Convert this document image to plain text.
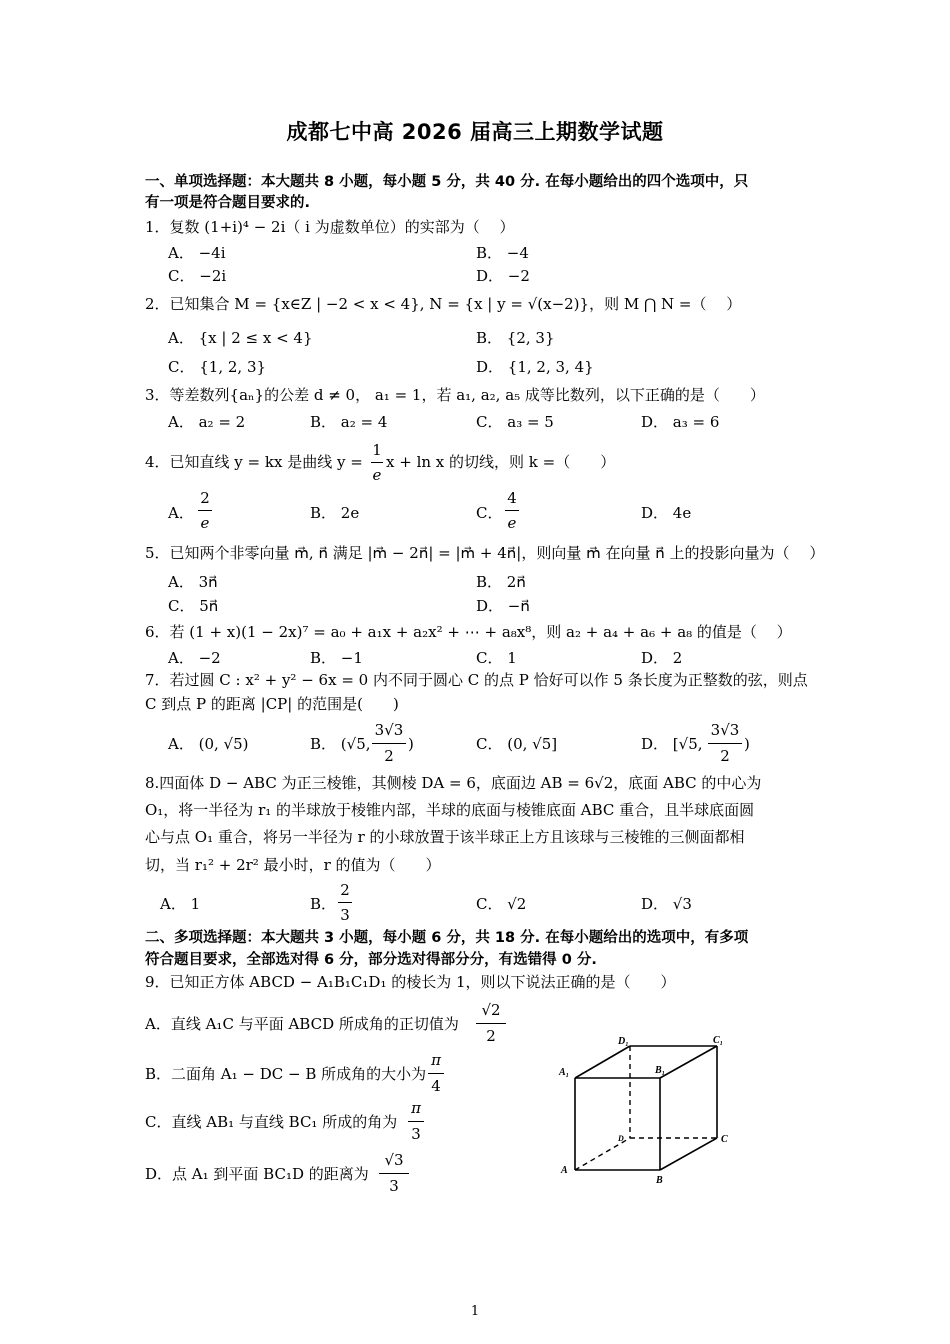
成都七中高 2026 届高三上期数学试题
一、单项选择题：本大题共 8 小题，每小题 5 分，共 40 分. 在每小题给出的四个选项中，只
有一项是符合题目要求的.
1．复数 (1+i)⁴ − 2i（ i 为虚数单位）的实部为（　 ）
A． −4i	B． −4
C． −2i	D． −2
2．已知集合 M = {x∈Z | −2 < x < 4}, N = {x | y = √(x−2)}，则 M ⋂ N =（　 ）
A． {x | 2 ≤ x < 4}	B． {2, 3}
C． {1, 2, 3}	D． {1, 2, 3, 4}
3．等差数列{aₙ}的公差 d ≠ 0， a₁ = 1，若 a₁, a₂, a₅ 成等比数列，以下正确的是（　　）
A． a₂ = 2	B． a₂ = 4	C． a₃ = 5	D． a₃ = 6
4．已知直线 y = kx 是曲线 y =
1
e
x + ln x 的切线，则 k =（　　）
A．
2
e
B． 2e	C．
4
e
D． 4e
5．已知两个非零向量 m⃗, n⃗ 满足 |m⃗ − 2n⃗| = |m⃗ + 4n⃗|，则向量 m⃗ 在向量 n⃗ 上的投影向量为（　 ）
A． 3n⃗	B． 2n⃗
C． 5n⃗	D． −n⃗
6．若 (1 + x)(1 − 2x)⁷ = a₀ + a₁x + a₂x² + ⋯ + a₈x⁸，则 a₂ + a₄ + a₆ + a₈ 的值是（　 ）
A． −2	B． −1	C． 1	D． 2
7．若过圆 C : x² + y² − 6x = 0 内不同于圆心 C 的点 P 恰好可以作 5 条长度为正整数的弦，则点
C 到点 P 的距离 |CP| 的范围是(　　)
A． (0, √5)	B． (√5,
3√3
2
)	C． (0, √5]	D． [√5,
3√3
2
)
8.四面体 D − ABC 为正三棱锥，其侧棱 DA = 6，底面边 AB = 6√2，底面 ABC 的中心为
O₁，将一半径为 r₁ 的半球放于棱锥内部，半球的底面与棱锥底面 ABC 重合，且半球底面圆
心与点 O₁ 重合，将另一半径为 r 的小球放置于该半球正上方且该球与三棱锥的三侧面都相
切，当 r₁² + 2r² 最小时，r 的值为（　　）
A． 1	B．
2
3
C． √2	D． √3
二、多项选择题：本大题共 3 小题，每小题 6 分，共 18 分. 在每小题给出的选项中，有多项
符合题目要求，全部选对得 6 分，部分选对得部分分，有选错得 0 分.
9．已知正方体 ABCD − A₁B₁C₁D₁ 的棱长为 1，则以下说法正确的是（　　）
A．直线 A₁C 与平面 ABCD 所成角的正切值为
√2
2
B．二面角 A₁ − DC − B 所成角的大小为
π
4
C．直线 AB₁ 与直线 BC₁ 所成的角为
π
3
D．点 A₁ 到平面 BC₁D 的距离为
√3
3
D₁	C₁
A₁	B₁
D	C
A
B
1
